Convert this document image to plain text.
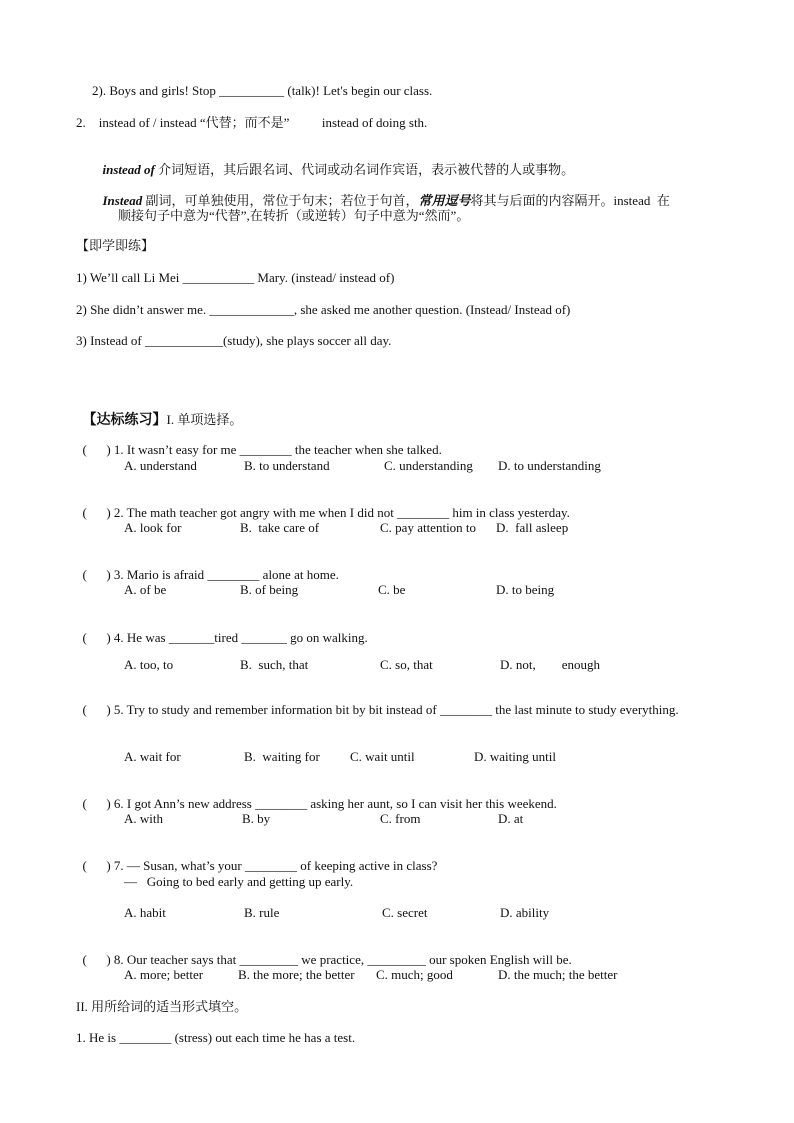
2). Boys and girls! Stop __________ (talk)! Let's begin our class.
2.    instead of / instead “代替；而不是”          instead of doing sth.

instead of 介词短语，其后跟名词、代词或动名词作宾语，表示被代替的人或事物。

Instead 副词，可单独使用，常位于句末；若位于句首，常用逗号将其与后面的内容隔开。instead  在

顺接句子中意为“代替”,在转折（或逆转）句子中意为“然而”。
【即学即练】
1) We’ll call Li Mei ___________ Mary. (instead/ instead of)
2) She didn’t answer me. _____________, she asked me another question. (Instead/ Instead of)
3) Instead of ____________(study), she plays soccer all day.

【达标练习】I. 单项选择。

(      ) 1. It wasn’t easy for me ________ the teacher when she talked.

A. understand	B. to understand	C. understanding D. to understanding

(      ) 2. The math teacher got angry with me when I did not ________ him in class yesterday.

A. look for	B.  take care of	C. pay attention to D.  fall asleep

(      ) 3. Mario is afraid ________ alone at home.

A. of be	B. of being	C. be	D. to being

(      ) 4. He was _______tired _______ go on walking.

A. too, to	B.  such, that	C. so, that	D. not,        enough

(      ) 5. Try to study and remember information bit by bit instead of ________ the last minute to study everything.

A. wait for	B.  waiting for C. wait until	D. waiting until

(      ) 6. I got Ann’s new address ________ asking her aunt, so I can visit her this weekend.

A. with	B. by	C. from	D. at

(      ) 7. — Susan, what’s your ________ of keeping active in class?

—   Going to bed early and getting up early.
A. habit	B. rule	C. secret	D. ability

(      ) 8. Our teacher says that _________ we practice, _________ our spoken English will be.

A. more; better	B. the more; the better C. much; good	D. the much; the better
II. 用所给词的适当形式填空。
1. He is ________ (stress) out each time he has a test.
